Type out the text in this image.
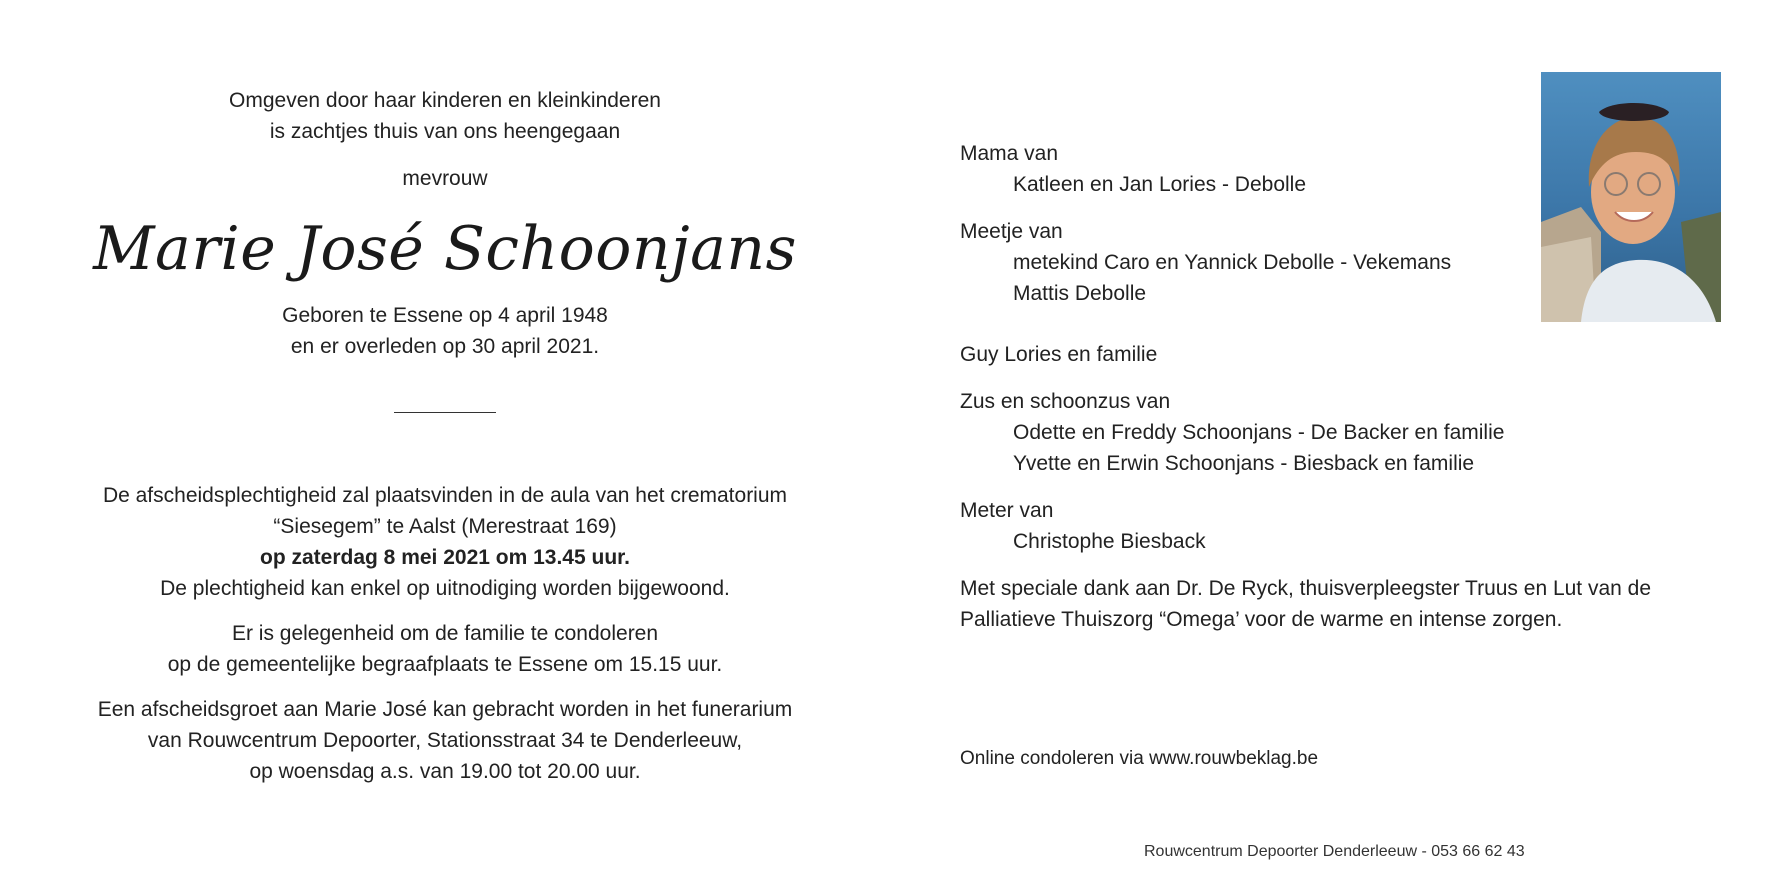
Omgeven door haar kinderen en kleinkinderen

is zachtjes thuis van ons heengegaan

mevrouw

Marie José Schoonjans

Geboren te Essene op 4 april 1948

en er overleden op 30 april 2021.

De afscheidsplechtigheid zal plaatsvinden in de aula van het crematorium

“Siesegem” te Aalst (Merestraat 169)

op zaterdag 8 mei 2021 om 13.45 uur.

De plechtigheid kan enkel op uitnodiging worden bijgewoond.

Er is gelegenheid om de familie te condoleren

op de gemeentelijke begraafplaats te Essene om 15.15 uur.

Een afscheidsgroet aan Marie José kan gebracht worden in het funerarium

van Rouwcentrum Depoorter, Stationsstraat 34 te Denderleeuw,

op woensdag a.s. van 19.00 tot 20.00 uur.

Mama van

Katleen en Jan Lories - Debolle

Meetje van

metekind Caro en Yannick Debolle - Vekemans

Mattis Debolle

Guy Lories en familie

Zus en schoonzus van

Odette en Freddy Schoonjans - De Backer en familie

Yvette en Erwin Schoonjans - Biesback en familie

Meter van

Christophe Biesback

Met speciale dank aan Dr. De Ryck, thuisverpleegster Truus en Lut van de Palliatieve Thuiszorg “Omega’ voor de warme en intense zorgen.

Online condoleren via www.rouwbeklag.be
Rouwcentrum Depoorter Denderleeuw - 053 66 62 43
